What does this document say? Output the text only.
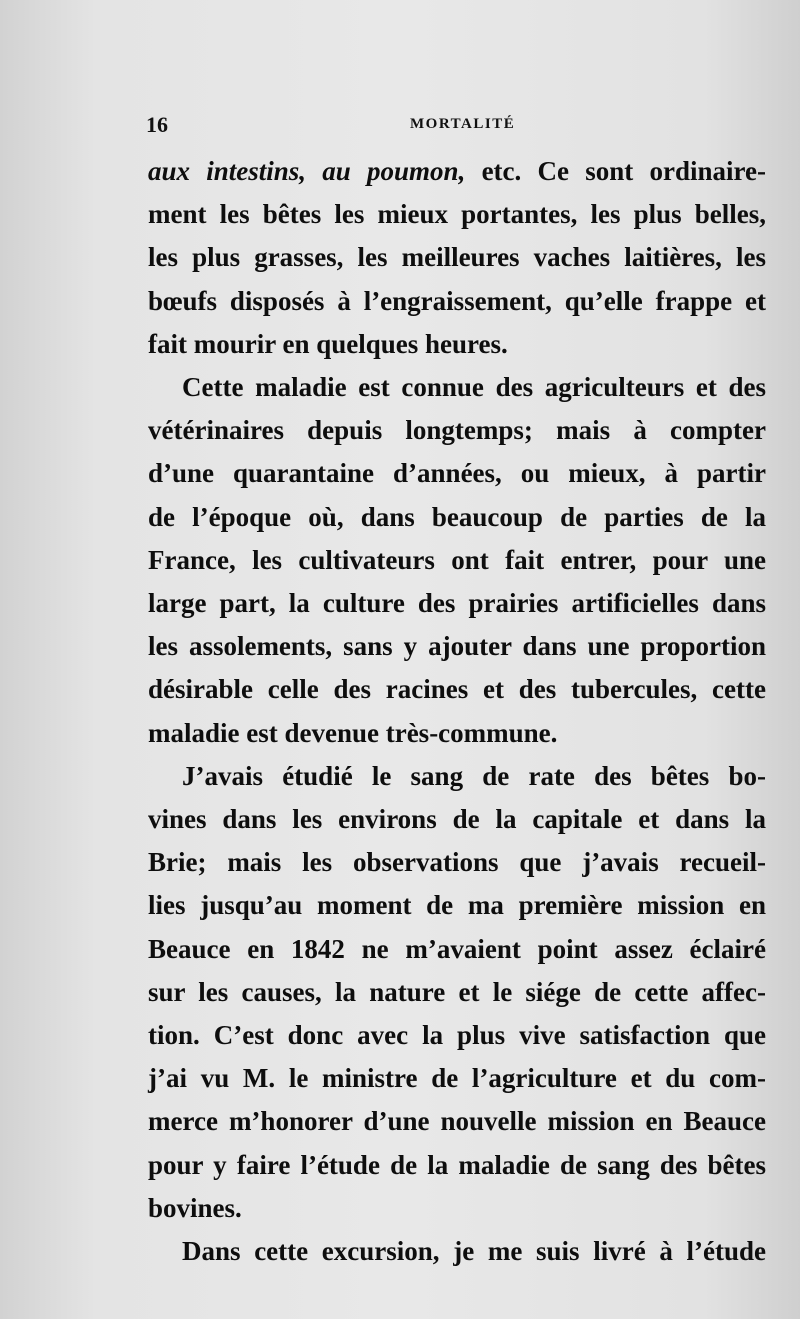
16	MORTALITÉ

aux intestins, au poumon, etc. Ce sont ordinaire-
ment les bêtes les mieux portantes, les plus belles,
les plus grasses, les meilleures vaches laitières, les
bœufs disposés à l’engraissement, qu’elle frappe et
fait mourir en quelques heures.

Cette maladie est connue des agriculteurs et des
vétérinaires depuis longtemps; mais à compter
d’une quarantaine d’années, ou mieux, à partir
de l’époque où, dans beaucoup de parties de la
France, les cultivateurs ont fait entrer, pour une
large part, la culture des prairies artificielles dans
les assolements, sans y ajouter dans une proportion
désirable celle des racines et des tubercules, cette
maladie est devenue très-commune.

J’avais étudié le sang de rate des bêtes bo-
vines dans les environs de la capitale et dans la
Brie; mais les observations que j’avais recueil-
lies jusqu’au moment de ma première mission en
Beauce en 1842 ne m’avaient point assez éclairé
sur les causes, la nature et le siége de cette affec-
tion. C’est donc avec la plus vive satisfaction que
j’ai vu M. le ministre de l’agriculture et du com-
merce m’honorer d’une nouvelle mission en Beauce
pour y faire l’étude de la maladie de sang des bêtes
bovines.

Dans cette excursion, je me suis livré à l’étude
